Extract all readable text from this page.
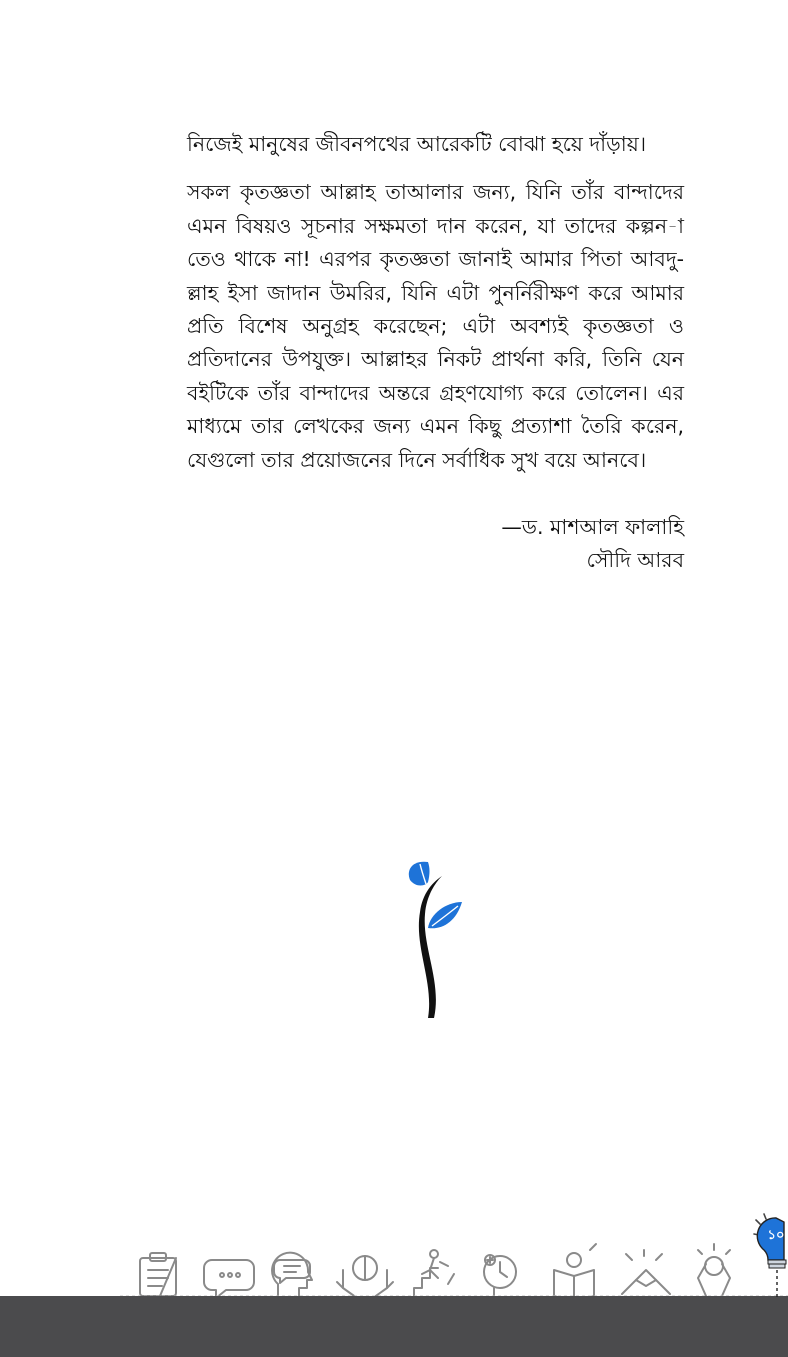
নিজেই মানুষের জীবনপথের আরেকটি বোঝা হয়ে দাঁড়ায়।

সকল কৃতজ্ঞতা আল্লাহ তাআলার জন্য, যিনি তাঁর বান্দাদের এমন বিষয়ও সূচনার সক্ষমতা দান করেন, যা তাদের কল্পন-াতেও থাকে না! এরপর কৃতজ্ঞতা জানাই আমার পিতা আবদু-ল্লাহ ইসা জাদান উমরির, যিনি এটা পুনর্নিরীক্ষণ করে আমার প্রতি বিশেষ অনুগ্রহ করেছেন; এটা অবশ্যই কৃতজ্ঞতা ও প্রতিদানের উপযুক্ত। আল্লাহর নিকট প্রার্থনা করি, তিনি যেন বইটিকে তাঁর বান্দাদের অন্তরে গ্রহণযোগ্য করে তোলেন। এর মাধ্যমে তার লেখকের জন্য এমন কিছু প্রত্যাশা তৈরি করেন, যেগুলো তার প্রয়োজনের দিনে সর্বাধিক সুখ বয়ে আনবে।

—ড. মাশআল ফালাহি
সৌদি আরব
১০
